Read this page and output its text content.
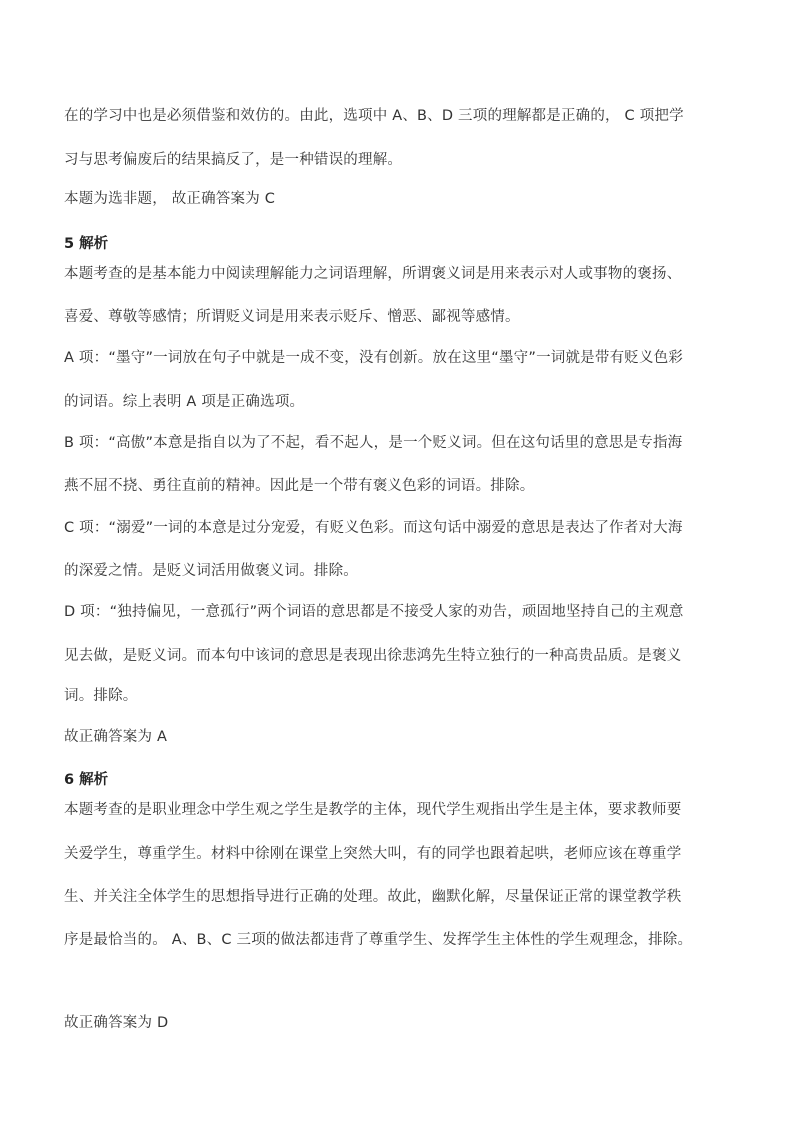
在的学习中也是必须借鉴和效仿的。由此，选项中 A、B、D 三项的理解都是正确的， C 项把学
习与思考偏废后的结果搞反了，是一种错误的理解。
本题为选非题， 故正确答案为 C
5 解析
本题考查的是基本能力中阅读理解能力之词语理解，所谓褒义词是用来表示对人或事物的褒扬、
喜爱、尊敬等感情；所谓贬义词是用来表示贬斥、憎恶、鄙视等感情。
A 项：“墨守”一词放在句子中就是一成不变，没有创新。放在这里“墨守”一词就是带有贬义色彩
的词语。综上表明 A 项是正确选项。
B 项：“高傲”本意是指自以为了不起，看不起人，是一个贬义词。但在这句话里的意思是专指海
燕不屈不挠、勇往直前的精神。因此是一个带有褒义色彩的词语。排除。
C 项：“溺爱”一词的本意是过分宠爱，有贬义色彩。而这句话中溺爱的意思是表达了作者对大海
的深爱之情。是贬义词活用做褒义词。排除。
D 项：“独持偏见，一意孤行”两个词语的意思都是不接受人家的劝告，顽固地坚持自己的主观意
见去做，是贬义词。而本句中该词的意思是表现出徐悲鸿先生特立独行的一种高贵品质。是褒义
词。排除。
故正确答案为 A
6 解析
本题考查的是职业理念中学生观之学生是教学的主体，现代学生观指出学生是主体，要求教师要
关爱学生，尊重学生。材料中徐刚在课堂上突然大叫，有的同学也跟着起哄，老师应该在尊重学
生、并关注全体学生的思想指导进行正确的处理。故此，幽默化解，尽量保证正常的课堂教学秩
序是最恰当的。 A、B、C 三项的做法都违背了尊重学生、发挥学生主体性的学生观理念，排除。
故正确答案为 D
